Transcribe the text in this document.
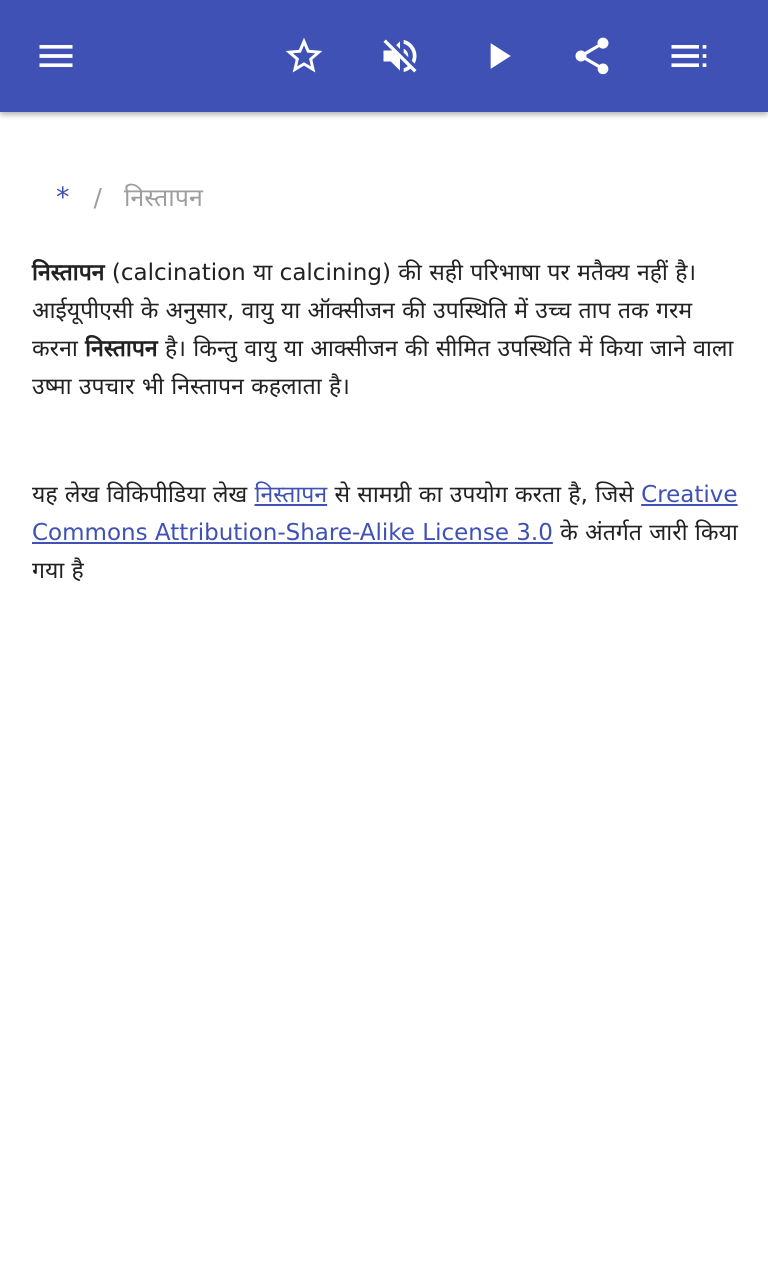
* / निस्तापन

निस्तापन (calcination या calcining) की सही परिभाषा पर मतैक्य नहीं है। आईयूपीएसी के अनुसार, वायु या ऑक्सीजन की उपस्थिति में उच्च ताप तक गरम करना निस्तापन है। किन्तु वायु या आक्सीजन की सीमित उपस्थिति में किया जाने वाला उष्मा उपचार भी निस्तापन कहलाता है।

यह लेख विकिपीडिया लेख निस्तापन से सामग्री का उपयोग करता है, जिसे Creative Commons Attribution-Share-Alike License 3.0 के अंतर्गत जारी किया गया है
